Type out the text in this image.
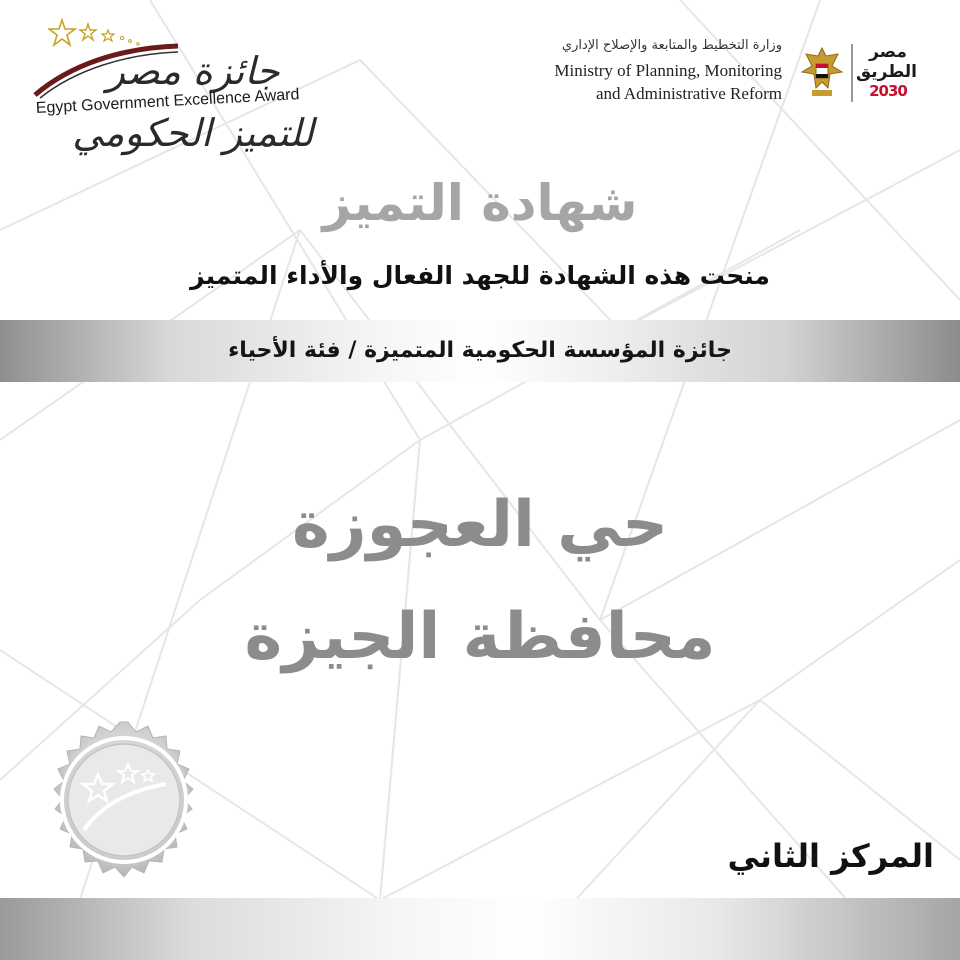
جائزة مصر للتميز الحكومي
Egypt Government Excellence Award
وزارة التخطيط والمتابعة والإصلاح الإداري
Ministry of Planning, Monitoring
and Administrative Reform
مصر الطريق
2030
شهادة التميز
منحت هذه الشهادة للجهد الفعال والأداء المتميز
جائزة المؤسسة الحكومية المتميزة / فئة الأحياء
حي العجوزة
محافظة الجيزة
المركز الثاني
